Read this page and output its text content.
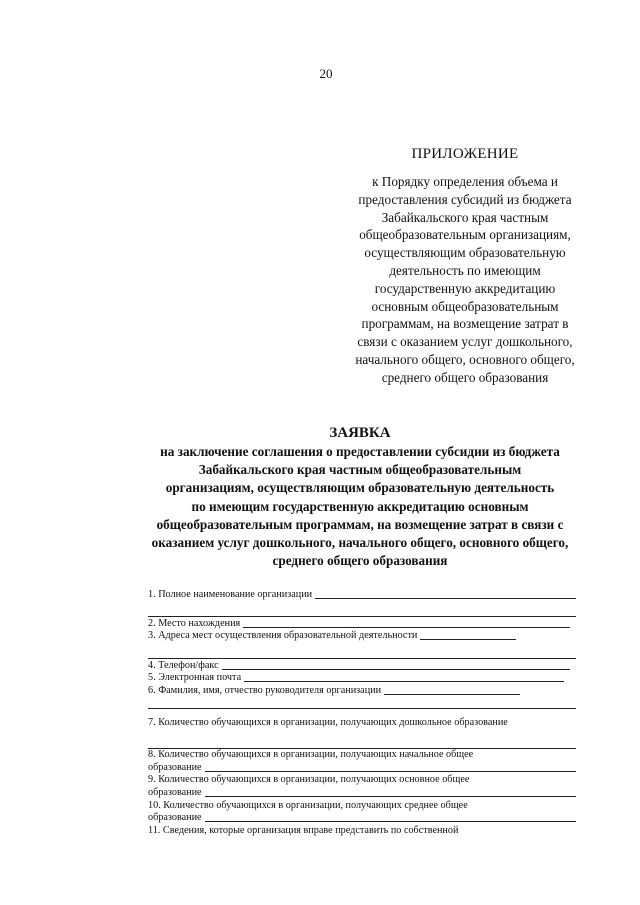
20
ПРИЛОЖЕНИЕ
к Порядку определения объема и
предоставления субсидий из бюджета
Забайкальского края частным
общеобразовательным организациям,
осуществляющим образовательную
деятельность по имеющим
государственную аккредитацию
основным общеобразовательным
программам, на возмещение затрат в
связи с оказанием услуг дошкольного,
начального общего, основного общего,
среднего общего образования
ЗАЯВКА
на заключение соглашения о предоставлении субсидии из бюджета
Забайкальского края частным общеобразовательным
организациям, осуществляющим образовательную деятельность
по имеющим государственную аккредитацию основным
общеобразовательным программам, на возмещение затрат в связи с
оказанием услуг дошкольного, начального общего, основного общего,
среднего общего образования
1. Полное наименование организации
2. Место нахождения
3. Адреса мест осуществления образовательной деятельности
4. Телефон/факс
5. Электронная почта
6. Фамилия, имя, отчество руководителя организации
7. Количество обучающихся в организации, получающих дошкольное образование
8. Количество обучающихся в организации, получающих начальное общее
образование
9. Количество обучающихся в организации, получающих основное общее
образование
10. Количество обучающихся в организации, получающих среднее общее
образование
11. Сведения, которые организация вправе представить по собственной
